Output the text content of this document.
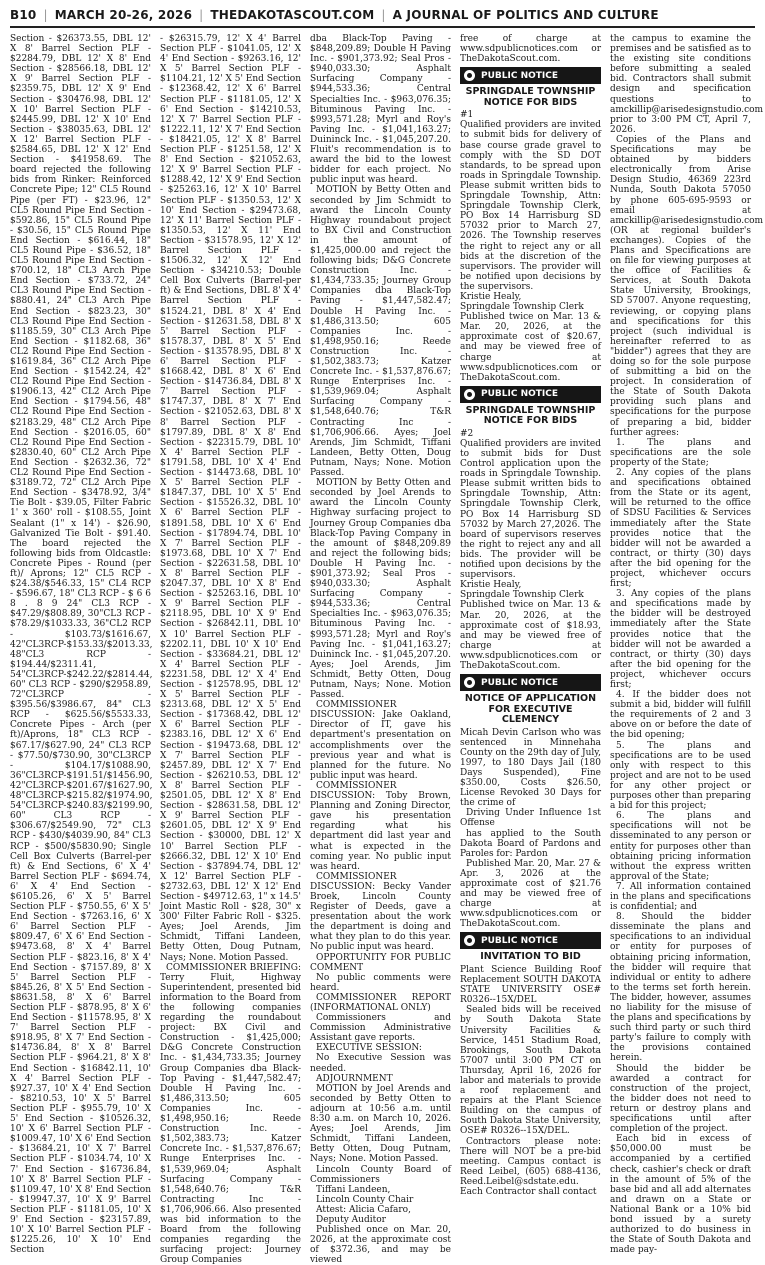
B10 | MARCH 20-26, 2026 | THEDAKOTASCOUT.COM | A JOURNAL OF POLITICS AND CULTURE

Section - $26373.55, DBL 12' X 8' Barrel Section PLF - $2284.79, DBL 12' X 8' End Section - $28566.18, DBL 12' X 9' Barrel Section PLF - $2359.75, DBL 12' X 9' End Section - $30476.98, DBL 12' X 10' Barrel Section PLF - $2445.99, DBL 12' X 10' End Section - $38035.63, DBL 12' X 12' Barrel Section PLF - $2584.65, DBL 12' X 12' End Section - $41958.69. The board rejected the following bids from Rinker: Reinforced Concrete Pipe; 12" CL5 Round Pipe (per FT) - $23.96, 12" CL5 Round Pipe End Section - $592.86, 15" CL5 Round Pipe - $30.56, 15" CL5 Round Pipe End Section - $616.44, 18" CL5 Round Pipe - $36.52, 18" CL5 Round Pipe End Section - $700.12, 18" CL3 Arch Pipe End Section - $733.72, 24" CL3 Round Pipe End Section - $880.41, 24" CL3 Arch Pipe End Section - $823.23, 30" CL3 Round Pipe End Section - $1185.59, 30" CL3 Arch Pipe End Section - $1182.68, 36" CL2 Round Pipe End Section - $1619.84, 36" CL2 Arch Pipe End Section - $1542.24, 42" CL2 Round Pipe End Section - $1906.13, 42" CL2 Arch Pipe End Section - $1794.56, 48" CL2 Round Pipe End Section - $2183.29, 48" CL2 Arch Pipe End Section - $2016.05, 60" CL2 Round Pipe End Section - $2830.40, 60" CL2 Arch Pipe End Section - $2632.36, 72" CL2 Round Pipe End Section - $3189.72, 72" CL2 Arch Pipe End Section - $3478.92, 3/4" Tie Bolt - $39.05, Filter Fabric 1' x 360' roll - $108.55, Joint Sealant (1" x 14') - $26.90, Galvanized Tie Bolt - $91.40. The board rejected the following bids from Oldcastle: Concrete Pipes - Round (per ft)/ Aprons; 12" CL5 RCP - $24.38/$546.33, 15" CL4 RCP - $596.67, 18" CL3 RCP - $ 6 6 8 . 8 9 24" CL3 RCP - $47.29/$808.89, 30"CL3 RCP - $78.29/$1033.33, 36"CL2 RCP - $103.73/$1616.67, 42"CL3RCP-$153.33/$2013.33, 48"CL3 RCP - $194.44/$2311.41, 54"CL3RCP-$242.22/$2814.44, 60" CL3 RCP - $290/$2958.89, 72"CL3RCP - $395.56/$3986.67, 84" CL3 RCP - $625.56/$5533.33, Concrete Pipes - Arch (per ft)/Aprons, 18" CL3 RCP - $67.17/$627.90, 24" CL3 RCP - $77.50/$730.90, 30"CL3RCP - $104.17/$1088.90, 36"CL3RCP-$191.51/$1456.90, 42"CL3RCP-$201.67/$1627.90, 48"CL3RCP-$215.82/$1974.90, 54"CL3RCP-$240.83/$2199.90, 60" CL3 RCP - $306.67/$2549.90, 72" CL3 RCP - $430/$4039.90, 84" CL3 RCP - $500/$5830.90; Single Cell Box Culverts (Barrel-per ft) & End Sections, 6' X 4' Barrel Section PLF - $694.74, 6' X 4' End Section - $6105.26, 6' X 5' Barrel Section PLF - $750.55, 6' X 5' End Section - $7263.16, 6' X 6' Barrel Section PLF - $809.47, 6' X 6' End Section - $9473.68, 8' X 4' Barrel Section PLF - $823.16, 8' X 4' End Section - $7157.89, 8' X 5' Barrel Section PLF - $845.26, 8' X 5' End Section - $8631.58, 8' X 6' Barrel Section PLF - $878.95, 8' X 6' End Section - $11578.95, 8' X 7' Barrel Section PLF - $918.95, 8' X 7' End Section - $14736.84, 8' X 8' Barrel Section PLF - $964.21, 8' X 8' End Section - $16842.11, 10' X 4' Barrel Section PLF - $927.37, 10' X 4' End Section - $8210.53, 10' X 5' Barrel Section PLF - $955.79, 10' X 5' End Section - $10526.32, 10' X 6' Barrel Section PLF - $1009.47, 10' X 6' End Section - $13684.21, 10' X 7' Barrel Section PLF - $1034.74, 10' X 7' End Section - $16736.84, 10' X 8' Barrel Section PLF - $1109.47, 10' X 8' End Section - $19947.37, 10' X 9' Barrel Section PLF - $1181.05, 10' X 9' End Section - $23157.89, 10' X 10' Barrel Section PLF - $1225.26, 10' X 10' End Section

- $26315.79, 12' X 4' Barrel Section PLF - $1041.05, 12' X 4' End Section - $9263.16, 12' X 5' Barrel Section PLF - $1104.21, 12' X 5' End Section - $12368.42, 12' X 6' Barrel Section PLF - $1181.05, 12' X 6' End Section - $14210.53, 12' X 7' Barrel Section PLF - $1222.11, 12' X 7' End Section - $18421.05, 12' X 8' Barrel Section PLF - $1251.58, 12' X 8' End Section - $21052.63, 12' X 9' Barrel Section PLF - $1288.42, 12' X 9' End Section - $25263.16, 12' X 10' Barrel Section PLF - $1350.53, 12' X 10' End Section - $29473.68, 12' X 11' Barrel Section PLF - $1350.53, 12' X 11' End Section - $31578.95, 12' X 12' Barrel Section PLF - $1506.32, 12' X 12' End Section - $34210.53; Double Cell Box Culverts (Barrel-per ft) & End Sections, DBL 8' X 4' Barrel Section PLF - $1524.21, DBL 8' X 4' End Section - $12631.58, DBL 8' X 5' Barrel Section PLF - $1578.37, DBL 8' X 5' End Section - $13578.95, DBL 8' X 6' Barrel Section PLF - $1668.42, DBL 8' X 6' End Section - $14736.84, DBL 8' X 7' Barrel Section PLF - $1747.37, DBL 8' X 7' End Section - $21052.63, DBL 8' X 8' Barrel Section PLF - $1797.89, DBL 8' X 8' End Section - $22315.79, DBL 10' X 4' Barrel Section PLF - $1791.58, DBL 10' X 4' End Section - $14473.68, DBL 10' X 5' Barrel Section PLF - $1847.37, DBL 10' X 5' End Section - $15526.32, DBL 10' X 6' Barrel Section PLF - $1891.58, DBL 10' X 6' End Section - $17894.74, DBL 10' X 7' Barrel Section PLF - $1973.68, DBL 10' X 7' End Section - $22631.58, DBL 10' X 8' Barrel Section PLF - $2047.37, DBL 10' X 8' End Section - $25263.16, DBL 10' X 9' Barrel Section PLF - $2118.95, DBL 10' X 9' End Section - $26842.11, DBL 10' X 10' Barrel Section PLF - $2202.11, DBL 10' X 10' End Section - $33684.21, DBL 12' X 4' Barrel Section PLF - $2231.58, DBL 12' X 4' End Section - $12578.95, DBL 12' X 5' Barrel Section PLF - $2313.68, DBL 12' X 5' End Section - $17368.42, DBL 12' X 6' Barrel Section PLF - $2383.16, DBL 12' X 6' End Section - $19473.68, DBL 12' X 7' Barrel Section PLF - $2457.89, DBL 12' X 7' End Section - $26210.53, DBL 12' X 8' Barrel Section PLF - $2501.05, DBL 12' X 8' End Section - $28631.58, DBL 12' X 9' Barrel Section PLF - $2601.05, DBL 12' X 9' End Section - $30000, DBL 12' X 10' Barrel Section PLF - $2666.32, DBL 12' X 10' End Section - $37894.74, DBL 12' X 12' Barrel Section PLF - $2732.63, DBL 12' X 12' End Section - $49712.63, 1" x 14.5' Joint Mastic Roll - $28, 30" x 300' Filter Fabric Roll - $325. Ayes; Joel Arends, Jim Schmidt, Tiffani Landeen, Betty Otten, Doug Putnam, Nays; None. Motion Passed.

COMMISSIONER BRIEFING: Terry Fluit, Highway Superintendent, presented bid information to the Board from the following companies regarding the roundabout project: BX Civil and Construction - $1,425,000; D&G Concrete Construction Inc. - $1,434,733.35; Journey Group Companies dba Black-Top Paving - $1,447,582.47; Double H Paving Inc. - $1,486,313.50; 605 Companies Inc. - $1,498,950.16; Reede Construction Inc. - $1,502,383.73; Katzer Concrete Inc. - $1,537,876.67; Runge Enterprises Inc. - $1,539,969.04; Asphalt Surfacing Company - $1,548,640.76; T&R Contracting Inc - $1,706,906.66. Also presented was bid information to the Board from the following companies regarding the surfacing project: Journey Group Companies

dba Black-Top Paving - $848,209.89; Double H Paving Inc. - $901,373.92; Seal Pros - $940,033.30; Asphalt Surfacing Company - $944,533.36; Central Specialties Inc. - $963,076.35; Bituminous Paving Inc. - $993,571.28; Myrl and Roy's Paving Inc. - $1,041,163.27; Duininck Inc. - $1,045,207.20. Fluit's recommendation is to award the bid to the lowest bidder for each project. No public input was heard.

MOTION by Betty Otten and seconded by Jim Schmidt to award the Lincoln County Highway roundabout project to BX Civil and Construction in the amount of $1,425,000.00 and reject the following bids; D&G Concrete Construction Inc. - $1,434,733.35; Journey Group Companies dba Black-Top Paving - $1,447,582.47; Double H Paving Inc. - $1,486,313.50; 605 Companies Inc. - $1,498,950.16; Reede Construction Inc. - $1,502,383.73; Katzer Concrete Inc. - $1,537,876.67; Runge Enterprises Inc. - $1,539,969.04; Asphalt Surfacing Company - $1,548,640.76; T&R Contracting Inc - $1,706,906.66. Ayes; Joel Arends, Jim Schmidt, Tiffani Landeen, Betty Otten, Doug Putnam, Nays; None. Motion Passed.

MOTION by Betty Otten and seconded by Joel Arends to award the Lincoln County Highway surfacing project to Journey Group Companies dba Black-Top Paving Company in the amount of $848,209.89 and reject the following bids; Double H Paving Inc. - $901,373.92; Seal Pros - $940,033.30; Asphalt Surfacing Company - $944,533.36; Central Specialties Inc. - $963,076.35; Bituminous Paving Inc. - $993,571.28; Myrl and Roy's Paving Inc. - $1,041,163.27; Duininck Inc. - $1,045,207.20. Ayes; Joel Arends, Jim Schmidt, Betty Otten, Doug Putnam, Nays; None. Motion Passed.

COMMISSIONER DISCUSSION: Jake Oakland, Director of IT, gave his department's presentation on accomplishments over the previous year and what is planned for the future. No public input was heard.

COMMISSIONER DISCUSSION: Toby Brown, Planning and Zoning Director, gave his presentation regarding what his department did last year and what is expected in the coming year. No public input was heard.

COMMISSIONER DISCUSSION: Becky Vander Broek, Lincoln County Register of Deeds, gave a presentation about the work the department is doing and what they plan to do this year. No public input was heard.

OPPORTUNITY FOR PUBLIC COMMENT

No public comments were heard.

COMMISSIONER REPORT (INFORMATIONAL ONLY)

Commissioners and Commission Administrative Assistant gave reports.

EXECUTIVE SESSION:

No Executive Session was needed.

ADJOURNMENT

MOTION by Joel Arends and seconded by Betty Otten to adjourn at 10:56 a.m. until 8:30 a.m. on March 10, 2026. Ayes; Joel Arends, Jim Schmidt, Tiffani Landeen, Betty Otten, Doug Putnam, Nays; None. Motion Passed.

Lincoln County Board of Commissioners

Tiffani Landeen,

Lincoln County Chair

Attest: Alicia Cafaro,

Deputy Auditor

Published once on Mar. 20, 2026, at the approximate cost of $372.36, and may be viewed

free of charge at www.sdpublicnotices.com or TheDakotaScout.com.

PUBLIC NOTICE
SPRINGDALE TOWNSHIP NOTICE FOR BIDS

#1

Qualified providers are invited to submit bids for delivery of base course grade gravel to comply with the SD DOT standards, to be spread upon roads in Springdale Township. Please submit written bids to Springdale Township, Attn: Springdale Township Clerk, PO Box 14 Harrisburg SD 57032 prior to March 27, 2026. The Township reserves the right to reject any or all bids at the discretion of the supervisors. The provider will be notified upon decisions by the supervisors.

Kristie Healy,

Springdale Township Clerk

Published twice on Mar. 13 & Mar. 20, 2026, at the approximate cost of $20.67, and may be viewed free of charge at www.sdpublicnotices.com or TheDakotaScout.com.

PUBLIC NOTICE
SPRINGDALE TOWNSHIP NOTICE FOR BIDS

#2

Qualified providers are invited to submit bids for Dust Control application upon the roads in Springdale Township. Please submit written bids to Springdale Township, Attn: Springdale Township Clerk, PO Box 14 Harrisburg SD 57032 by March 27,2026. The board of supervisors reserves the right to reject any and all bids. The provider will be notified upon decisions by the supervisors.

Kristie Healy,

Springdale Township Clerk

Published twice on Mar. 13 & Mar. 20, 2026, at the approximate cost of $18.93, and may be viewed free of charge at www.sdpublicnotices.com or TheDakotaScout.com.

PUBLIC NOTICE
NOTICE OF APPLICATION FOR EXECUTIVE CLEMENCY

Micah Devin Carlson who was sentenced in Minnehaha County on the 29th day of July, 1997, to 180 Days Jail (180 Days Suspended), Fine $350.00, Costs $26.50, License Revoked 30 Days for the crime of

Driving Under Influence 1st Offense

has applied to the South Dakota Board of Pardons and Paroles for: Pardon

Published Mar. 20, Mar. 27 & Apr. 3, 2026 at the approximate cost of $21.76 and may be viewed free of charge at www.sdpublicnotices.com or TheDakotaScout.com.

PUBLIC NOTICE
INVITATION TO BID

Plant Science Building Roof Replacement SOUTH DAKOTA STATE UNIVERSITY OSE# R0326--15X/DEL

Sealed bids will be received by South Dakota State University Facilities & Service, 1451 Stadium Road, Brookings, South Dakota 57007 until 3:00 PM CT on Thursday, April 16, 2026 for labor and materials to provide a roof replacement and repairs at the Plant Science Building on the campus of South Dakota State University, OSE# R0326--15X/DEL.

Contractors please note: There will NOT be a pre-bid meeting. Campus contact is Reed Leibel, (605) 688-4136, Reed.Leibel@sdstate.edu. Each Contractor shall contact

the campus to examine the premises and be satisfied as to the existing site conditions before submitting a sealed bid. Contractors shall submit design and specification questions to amckillip@arisedesignstudio.com prior to 3:00 PM CT, April 7, 2026.

Copies of the Plans and Specifications may be obtained by bidders electronically from Arise Design Studio, 46369 223rd Nunda, South Dakota 57050 by phone 605-695-9593 or email at amckillip@arisedesignstudio.com (OR at regional builder's exchanges). Copies of the Plans and Specifications are on file for viewing purposes at the office of Facilities & Services, at South Dakota State University, Brookings, SD 57007. Anyone requesting, reviewing, or copying plans and specifications for this project (such individual is hereinafter referred to as "bidder") agrees that they are doing so for the sole purpose of submitting a bid on the project. In consideration of the State of South Dakota providing such plans and specifications for the purpose of preparing a bid, bidder further agrees:

1. The plans and specifications are the sole property of the State;

2. Any copies of the plans and specifications obtained from the State or its agent, will be returned to the office of SDSU Facilities & Services immediately after the State provides notice that the bidder will not be awarded a contract, or thirty (30) days after the bid opening for the project, whichever occurs first;

3. Any copies of the plans and specifications made by the bidder will be destroyed immediately after the State provides notice that the bidder will not be awarded a contract, or thirty (30) days after the bid opening for the project, whichever occurs first;

4. If the bidder does not submit a bid, bidder will fulfill the requirements of 2 and 3 above on or before the date of the bid opening;

5. The plans and specifications are to be used only with respect to this project and are not to be used for any other project or purposes other than preparing a bid for this project;

6. The plans and specifications will not be disseminated to any person or entity for purposes other than obtaining pricing information without the express written approval of the State;

7. All information contained in the plans and specifications is confidential; and

8. Should the bidder disseminate the plans and specifications to an individual or entity for purposes of obtaining pricing information, the bidder will require that individual or entity to adhere to the terms set forth herein. The bidder, however, assumes no liability for the misuse of the plans and specifications by such third party or such third party's failure to comply with the provisions contained herein.

Should the bidder be awarded a contract for construction of the project, the bidder does not need to return or destroy plans and specifications until after completion of the project.

Each bid in excess of $50,000.00 must be accompanied by a certified check, cashier's check or draft in the amount of 5% of the base bid and all add alternates and drawn on a State or National Bank or a 10% bid bond issued by a surety authorized to do business in the State of South Dakota and made pay-
